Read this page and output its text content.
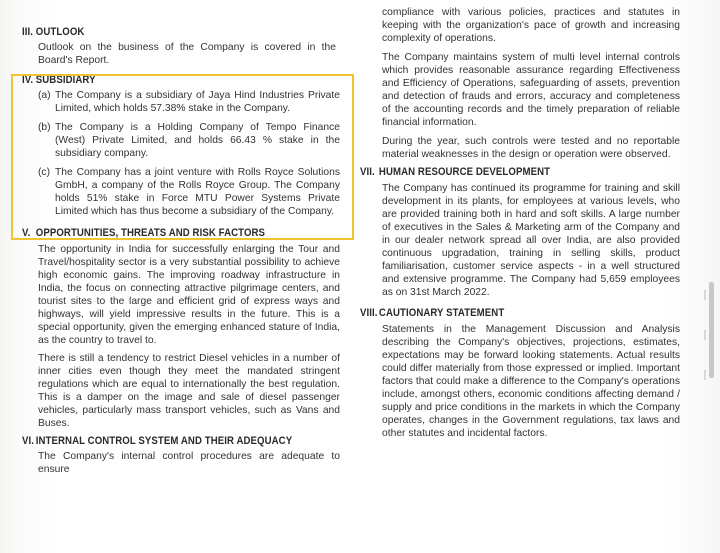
III. OUTLOOK

Outlook on the business of the Company is covered in the Board's Report.

IV. SUBSIDIARY
(a) The Company is a subsidiary of Jaya Hind Industries Private Limited, which holds 57.38% stake in the Company.
(b) The Company is a Holding Company of Tempo Finance (West) Private Limited, and holds 66.43 % stake in the subsidiary company.
(c) The Company has a joint venture with Rolls Royce Solutions GmbH, a company of the Rolls Royce Group. The Company holds 51% stake in Force MTU Power Systems Private Limited which has thus become a subsidiary of the Company.
V. OPPORTUNITIES, THREATS AND RISK FACTORS

The opportunity in India for successfully enlarging the Tour and Travel/hospitality sector is a very substantial possibility to achieve high economic gains. The improving roadway infrastructure in India, the focus on connecting attractive pilgrimage centers, and tourist sites to the large and efficient grid of express ways and highways, will yield impressive results in the future. This is a special opportunity, given the emerging enhanced stature of India, as the country to travel to.

There is still a tendency to restrict Diesel vehicles in a number of inner cities even though they meet the mandated stringent regulations which are equal to internationally the best regulation. This is a damper on the image and sale of diesel passenger vehicles, particularly mass transport vehicles, such as Vans and Buses.

VI. INTERNAL CONTROL SYSTEM AND THEIR ADEQUACY

The Company's internal control procedures are adequate to ensure

compliance with various policies, practices and statutes in keeping with the organization's pace of growth and increasing complexity of operations.

The Company maintains system of multi level internal controls which provides reasonable assurance regarding Effectiveness and Efficiency of Operations, safeguarding of assets, prevention and detection of frauds and errors, accuracy and completeness of the accounting records and the timely preparation of reliable financial information.

During the year, such controls were tested and no reportable material weaknesses in the design or operation were observed.

VII. HUMAN RESOURCE DEVELOPMENT

The Company has continued its programme for training and skill development in its plants, for employees at various levels, who are provided training both in hard and soft skills. A large number of executives in the Sales & Marketing arm of the Company and in our dealer network spread all over India, are also provided continuous upgradation, training in selling skills, product familiarisation, customer service aspects - in a well structured and extensive programme. The Company had 5,659 employees as on 31st March 2022.

VIII. CAUTIONARY STATEMENT

Statements in the Management Discussion and Analysis describing the Company's objectives, projections, estimates, expectations may be forward looking statements. Actual results could differ materially from those expressed or implied. Important factors that could make a difference to the Company's operations include, amongst others, economic conditions affecting demand / supply and price conditions in the markets in which the Company operates, changes in the Government regulations, tax laws and other statutes and incidental factors.
